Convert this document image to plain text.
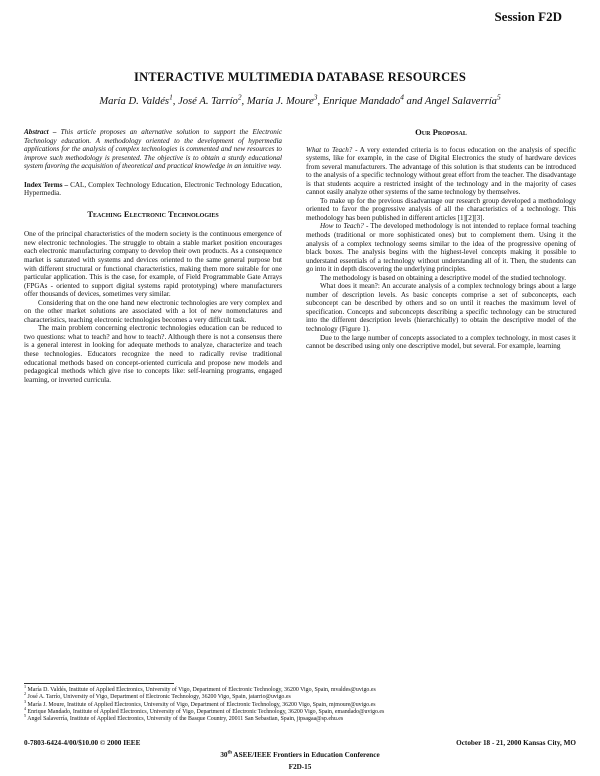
Session F2D
INTERACTIVE MULTIMEDIA DATABASE RESOURCES
María D. Valdés$^1$, José A. Tarrío$^2$, María J. Moure$^3$, Enrique Mandado$^4$ and Angel Salaverría$^5$

Abstract – This article proposes an alternative solution to support the Electronic Technology education. A methodology oriented to the development of hypermedia applications for the analysis of complex technologies is commented and new resources to improve such methodology is presented. The objective is to obtain a sturdy educational system favoring the acquisition of theoretical and practical knowledge in an intuitive way.

Index Terms – CAL, Complex Technology Education, Electronic Technology Education, Hypermedia.

Teaching Electronic Technologies

One of the principal characteristics of the modern society is the continuous emergence of new electronic technologies. The struggle to obtain a stable market position encourages each electronic manufacturing company to develop their own products. As a consequence market is saturated with systems and devices oriented to the same general purpose but with different structural or functional characteristics, making them more suitable for one particular application. This is the case, for example, of Field Programmable Gate Arrays (FPGAs - oriented to support digital systems rapid prototyping) where manufacturers offer thousands of devices, sometimes very similar.

Considering that on the one hand new electronic technologies are very complex and on the other market solutions are associated with a lot of new nomenclatures and characteristics, teaching electronic technologies becomes a very difficult task.

The main problem concerning electronic technologies education can be reduced to two questions: what to teach? and how to teach?. Although there is not a consensus there is a general interest in looking for adequate methods to analyze, characterize and teach these technologies. Educators recognize the need to radically revise traditional educational methods based on concept-oriented curricula and propose new models and pedagogical methods which give rise to concepts like: self-learning programs, engaged learning, or inverted curricula.

Our Proposal

What to Teach? - A very extended criteria is to focus education on the analysis of specific systems, like for example, in the case of Digital Electronics the study of hardware devices from several manufacturers. The advantage of this solution is that students can be introduced to the analysis of a specific technology without great effort from the teacher. The disadvantage is that students acquire a restricted insight of the technology and in the majority of cases cannot easily analyze other systems of the same technology by themselves.

To make up for the previous disadvantage our research group developed a methodology oriented to favor the progressive analysis of all the characteristics of a technology. This methodology has been published in different articles [1][2][3].

How to Teach? - The developed methodology is not intended to replace formal teaching methods (traditional or more sophisticated ones) but to complement them. Using it the analysis of a complex technology seems similar to the idea of the progressive opening of black boxes. The analysis begins with the highest-level concepts making it possible to understand essentials of a technology without understanding all of it. Then, the students can go into it in depth discovering the underlying principles.

The methodology is based on obtaining a descriptive model of the studied technology.

What does it mean?: An accurate analysis of a complex technology brings about a large number of description levels. As basic concepts comprise a set of subconcepts, each subconcept can be described by others and so on until it reaches the maximum level of specification. Concepts and subconcepts describing a specific technology can be structured into the different description levels (hierarchically) to obtain the descriptive model of the technology (Figure 1).

Due to the large number of concepts associated to a complex technology, in most cases it cannot be described using only one descriptive model, but several. For example, learning

$^1$ María D. Valdés, Institute of Applied Electronics, University of Vigo, Department of Electronic Technology, 36200 Vigo, Spain, mvaldes@uvigo.es
$^2$ José A. Tarrío, University of Vigo, Department of Electronic Technology, 36200 Vigo, Spain, jatarrio@uvigo.es
$^3$ María J. Moure, Institute of Applied Electronics, University of Vigo, Department of Electronic Technology, 36200 Vigo, Spain, mjmoure@uvigo.es
$^4$ Enrique Mandado, Institute of Applied Electronics, University of Vigo, Department of Electronic Technology, 36200 Vigo, Spain, emandado@uvigo.es
$^5$ Angel Salaverría, Institute of Applied Electronics, University of the Basque Country, 20011 San Sebastian, Spain, jipsagaa@sp.ehu.es
0-7803-6424-4/00/$10.00 © 2000 IEEE	October 18 - 21, 2000 Kansas City, MO
30th ASEE/IEEE Frontiers in Education Conference
F2D-15
